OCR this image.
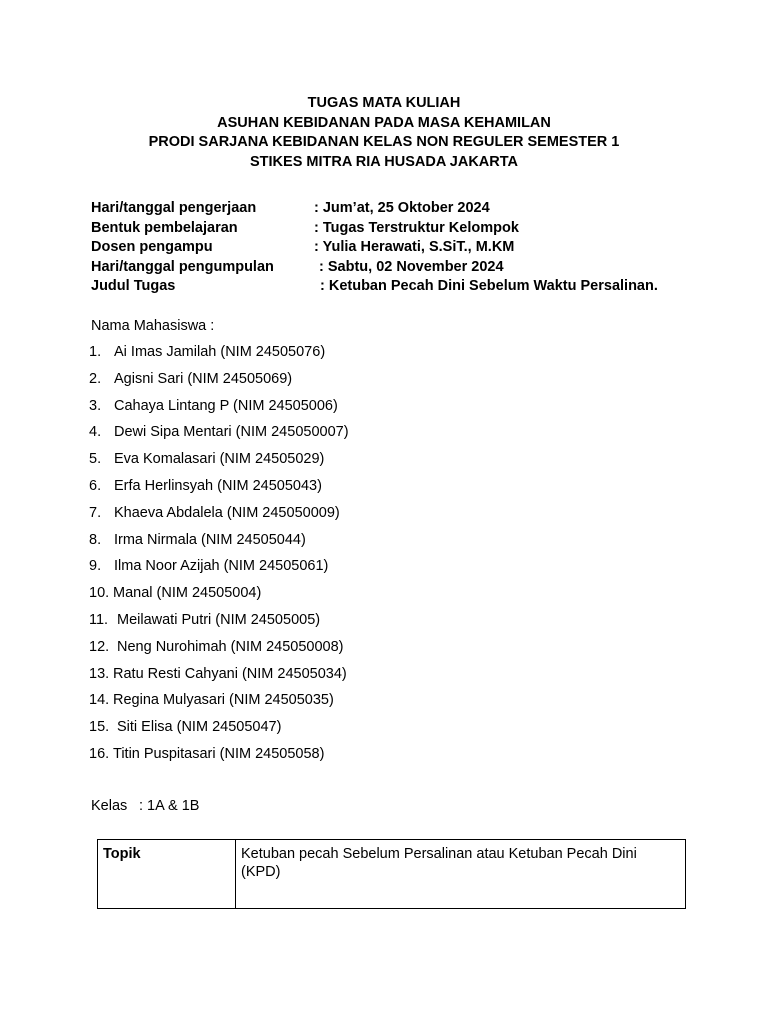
TUGAS MATA KULIAH
ASUHAN KEBIDANAN PADA MASA KEHAMILAN
PRODI SARJANA KEBIDANAN KELAS NON REGULER SEMESTER 1
STIKES MITRA RIA HUSADA JAKARTA
Hari/tanggal pengerjaan	: Jum’at, 25 Oktober 2024
Bentuk pembelajaran	: Tugas Terstruktur Kelompok
Dosen pengampu	: Yulia Herawati, S.SiT., M.KM
Hari/tanggal pengumpulan	: Sabtu, 02 November 2024
Judul Tugas	: Ketuban Pecah Dini Sebelum Waktu Persalinan.
Nama Mahasiswa :
1. Ai Imas Jamilah (NIM 24505076)
2. Agisni Sari (NIM 24505069)
3. Cahaya Lintang P (NIM 24505006)
4. Dewi Sipa Mentari (NIM 245050007)
5. Eva Komalasari (NIM 24505029)
6. Erfa Herlinsyah (NIM 24505043)
7. Khaeva Abdalela (NIM 245050009)
8. Irma Nirmala (NIM 24505044)
9. Ilma Noor Azijah (NIM 24505061)
10. Manal (NIM 24505004)
11. Meilawati Putri (NIM 24505005)
12. Neng Nurohimah (NIM 245050008)
13. Ratu Resti Cahyani (NIM 24505034)
14. Regina Mulyasari (NIM 24505035)
15. Siti Elisa (NIM 24505047)
16. Titin Puspitasari (NIM 24505058)
Kelas : 1A & 1B
Topik	Ketuban pecah Sebelum Persalinan atau Ketuban Pecah Dini (KPD)
